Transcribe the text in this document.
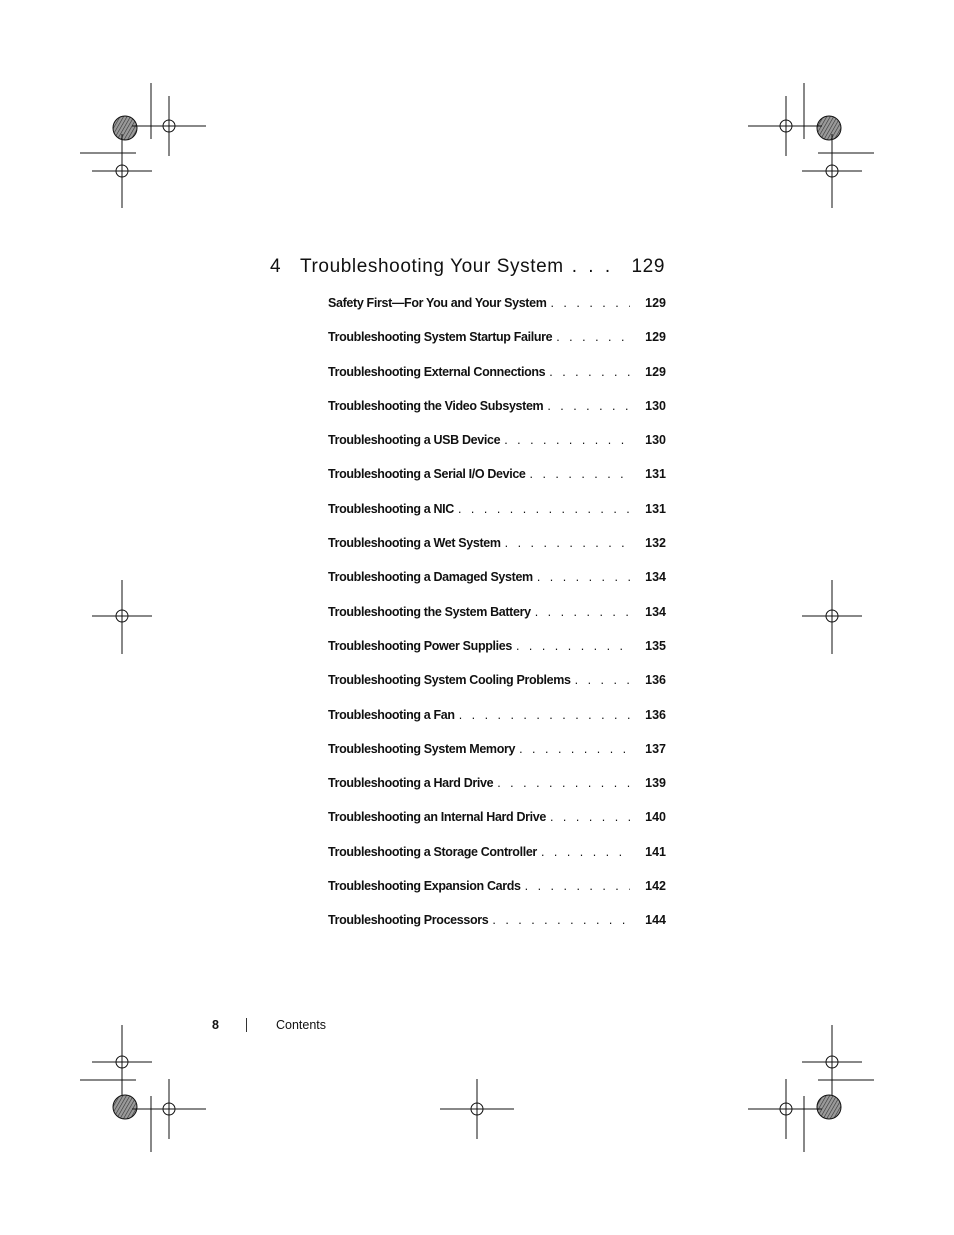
4 Troubleshooting Your System . . .	129
Safety First—For You and Your System . . .	129
Troubleshooting System Startup Failure . . .	129
Troubleshooting External Connections . . .	129
Troubleshooting the Video Subsystem . . .	130
Troubleshooting a USB Device . . .	130
Troubleshooting a Serial I/O Device . . .	131
Troubleshooting a NIC . . .	131
Troubleshooting a Wet System . . .	132
Troubleshooting a Damaged System . . .	134
Troubleshooting the System Battery . . .	134
Troubleshooting Power Supplies . . .	135
Troubleshooting System Cooling Problems . . .	136
Troubleshooting a Fan . . .	136
Troubleshooting System Memory . . .	137
Troubleshooting a Hard Drive . . .	139
Troubleshooting an Internal Hard Drive . . .	140
Troubleshooting a Storage Controller . . .	141
Troubleshooting Expansion Cards . . .	142
Troubleshooting Processors . . .	144
8	Contents
